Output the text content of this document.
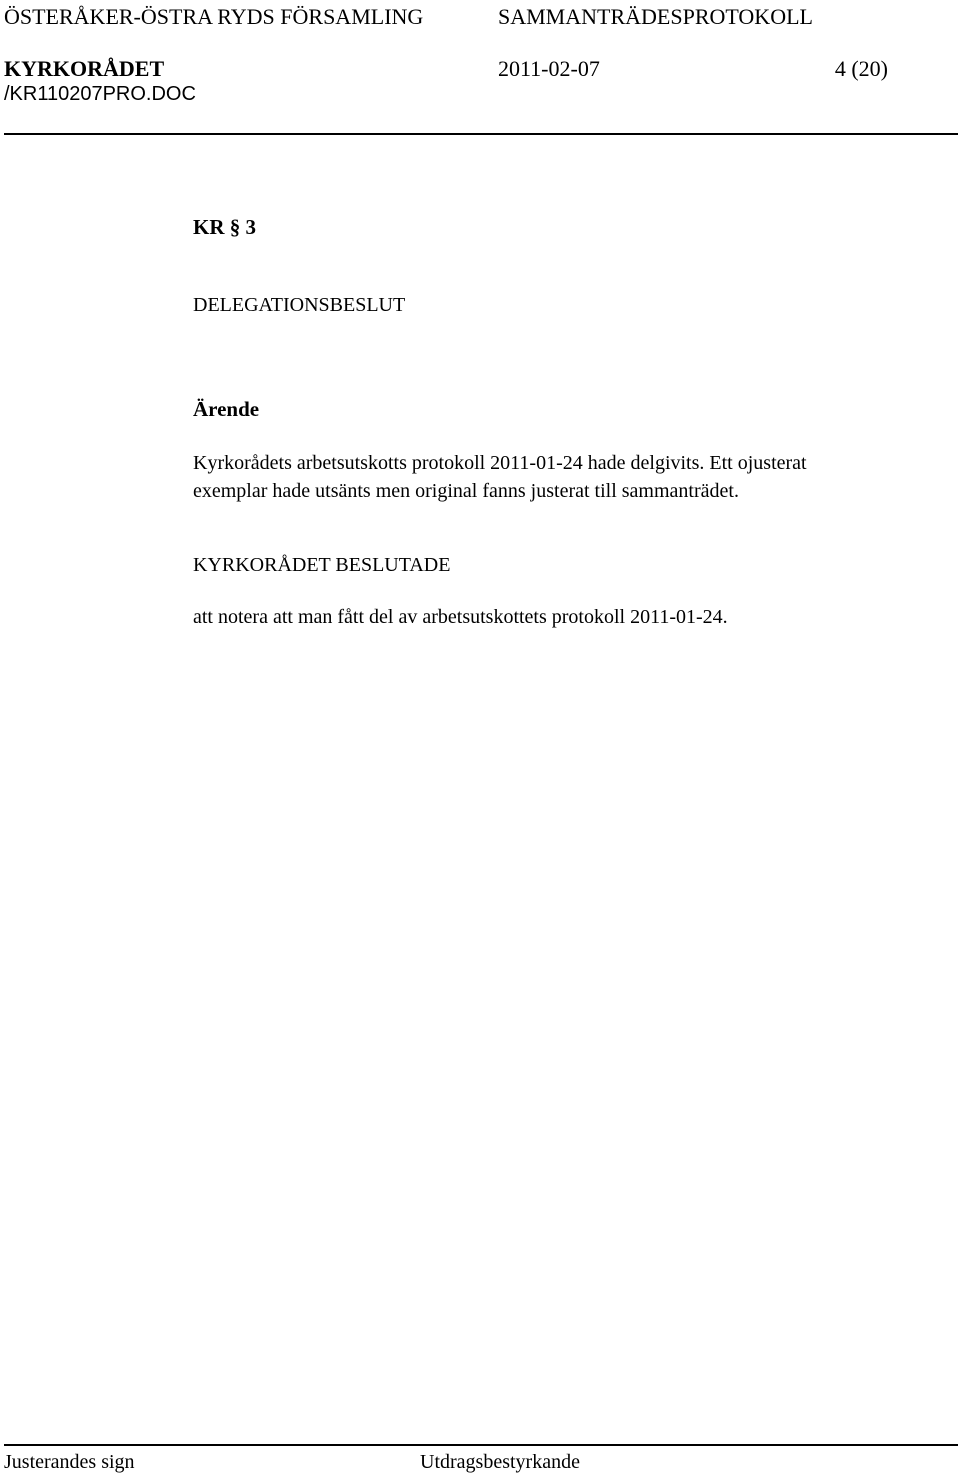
ÖSTERÅKER-ÖSTRA RYDS FÖRSAMLING	SAMMANTRÄDESPROTOKOLL
KYRKORÅDET	2011-02-07	4 (20)
/KR110207PRO.DOC
KR § 3
DELEGATIONSBESLUT
Ärende

Kyrkorådets arbetsutskotts protokoll 2011-01-24 hade delgivits. Ett ojusterat

exemplar hade utsänts men original fanns justerat till sammanträdet.

KYRKORÅDET BESLUTADE
att notera att man fått del av arbetsutskottets protokoll 2011-01-24.
Justerandes sign	Utdragsbestyrkande
